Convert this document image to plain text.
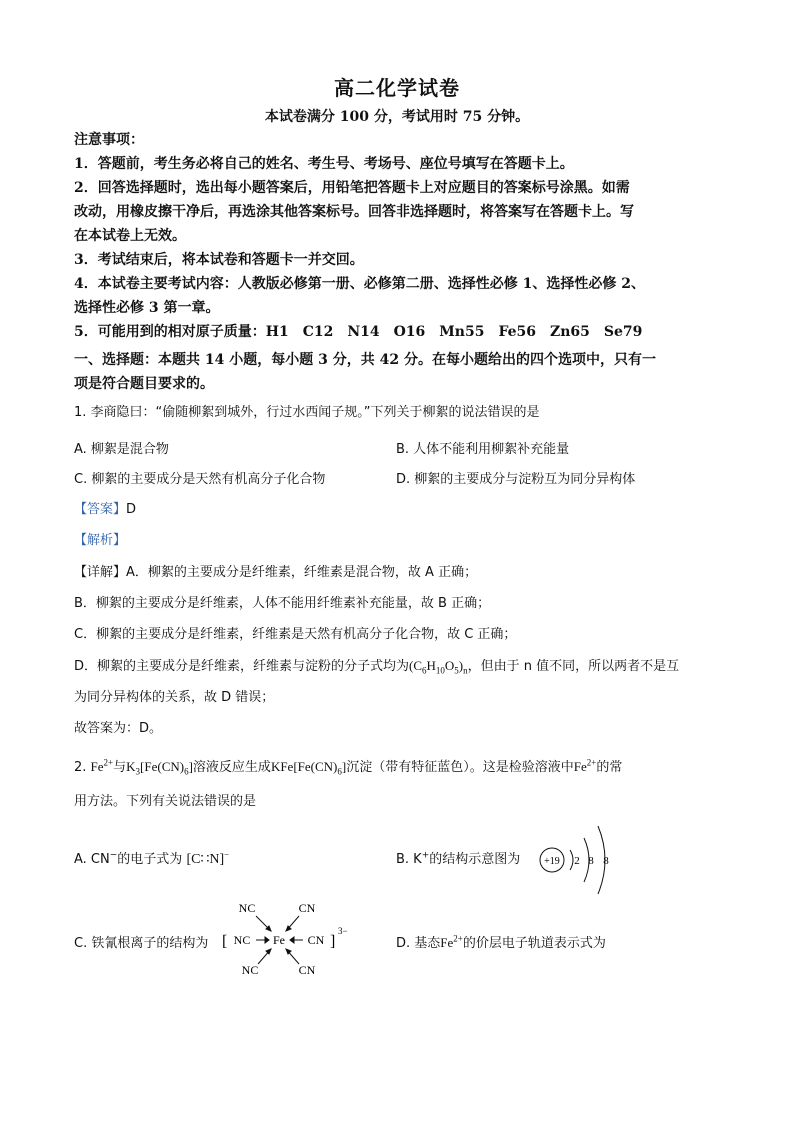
高二化学试卷
本试卷满分 100 分，考试用时 75 分钟。
注意事项：
1．答题前，考生务必将自己的姓名、考生号、考场号、座位号填写在答题卡上。
2．回答选择题时，选出每小题答案后，用铅笔把答题卡上对应题目的答案标号涂黑。如需
改动，用橡皮擦干净后，再选涂其他答案标号。回答非选择题时，将答案写在答题卡上。写
在本试卷上无效。
3．考试结束后，将本试卷和答题卡一并交回。
4．本试卷主要考试内容：人教版必修第一册、必修第二册、选择性必修 1、选择性必修 2、
选择性必修 3 第一章。
5．可能用到的相对原子质量：H1　C12　N14　O16　Mn55　Fe56　Zn65　Se79
一、选择题：本题共 14 小题，每小题 3 分，共 42 分。在每小题给出的四个选项中，只有一
项是符合题目要求的。
1. 李商隐曰：“偷随柳絮到城外，行过水西闻子规。”下列关于柳絮的说法错误的是
A. 柳絮是混合物	B. 人体不能利用柳絮补充能量
C. 柳絮的主要成分是天然有机高分子化合物	D. 柳絮的主要成分与淀粉互为同分异构体
【答案】D
【解析】
【详解】A．柳絮的主要成分是纤维素，纤维素是混合物，故 A 正确；
B．柳絮的主要成分是纤维素，人体不能用纤维素补充能量，故 B 正确；
C．柳絮的主要成分是纤维素，纤维素是天然有机高分子化合物，故 C 正确；
D．柳絮的主要成分是纤维素，纤维素与淀粉的分子式均为$(C_6H_{10}O_5)_n$，但由于 n 值不同，所以两者不是互
为同分异构体的关系，故 D 错误；
故答案为：D。
2. $Fe^{2+}$与$K_3[Fe(CN)_6]$溶液反应生成$KFe[Fe(CN)_6]$沉淀（带有特征蓝色）。这是检验溶液中$Fe^{2+}$的常
用方法。下列有关说法错误的是
A. CN−的电子式为 [C∷N]−	B. K+的结构示意图为 +19 2 8 8
C. 铁氰根离子的结构为 [
NC	CN
NC Fe CN ]
3−
NC	CN
D. 基态$Fe^{2+}$的价层电子轨道表示式为
